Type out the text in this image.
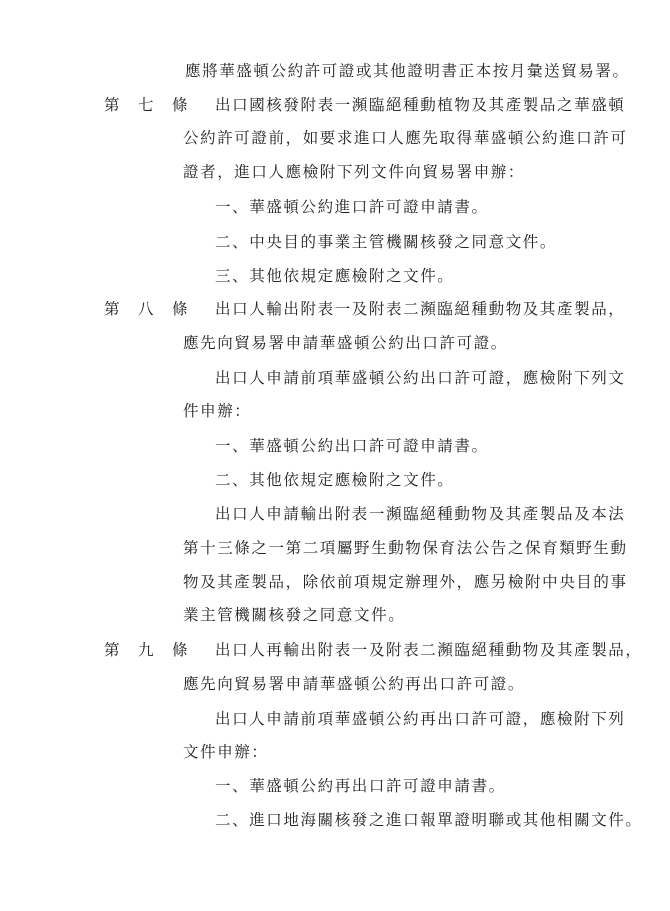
應將華盛頓公約許可證或其他證明書正本按月彙送貿易署。
第 七 條	出口國核發附表一瀕臨絕種動植物及其產製品之華盛頓
公約許可證前，如要求進口人應先取得華盛頓公約進口許可
證者，進口人應檢附下列文件向貿易署申辦：
一、華盛頓公約進口許可證申請書。
二、中央目的事業主管機關核發之同意文件。
三、其他依規定應檢附之文件。
第 八 條	出口人輸出附表一及附表二瀕臨絕種動物及其產製品，
應先向貿易署申請華盛頓公約出口許可證。
出口人申請前項華盛頓公約出口許可證，應檢附下列文
件申辦：
一、華盛頓公約出口許可證申請書。
二、其他依規定應檢附之文件。
出口人申請輸出附表一瀕臨絕種動物及其產製品及本法
第十三條之一第二項屬野生動物保育法公告之保育類野生動
物及其產製品，除依前項規定辦理外，應另檢附中央目的事
業主管機關核發之同意文件。
第 九 條	出口人再輸出附表一及附表二瀕臨絕種動物及其產製品，
應先向貿易署申請華盛頓公約再出口許可證。
出口人申請前項華盛頓公約再出口許可證，應檢附下列
文件申辦：
一、華盛頓公約再出口許可證申請書。
二、進口地海關核發之進口報單證明聯或其他相關文件。
